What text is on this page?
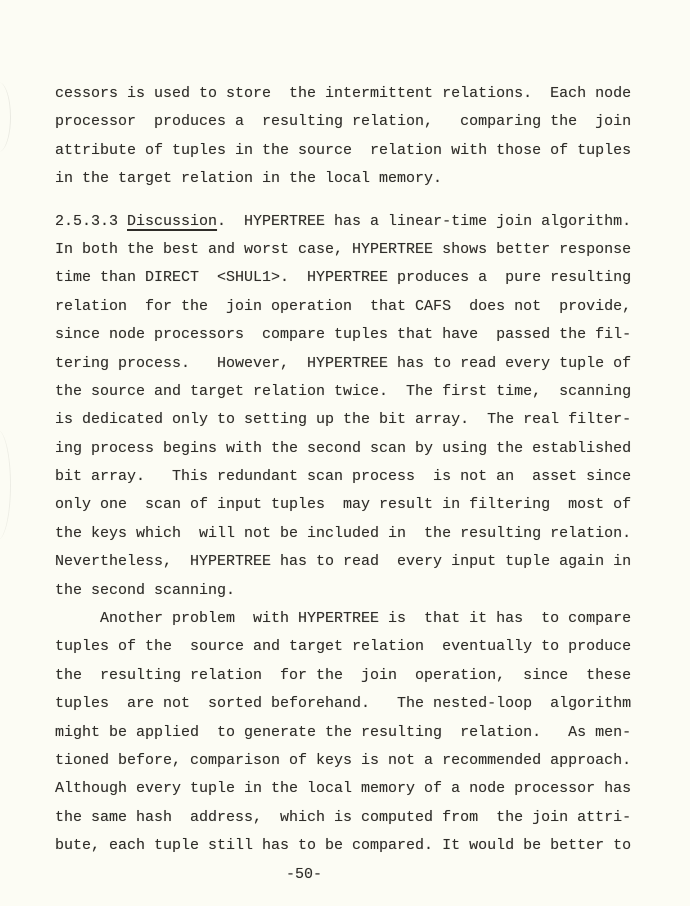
cessors is used to store  the intermittent relations.  Each node
processor  produces a  resulting relation,   comparing the  join
attribute of tuples in the source  relation with those of tuples
in the target relation in the local memory.
2.5.3.3 Discussion.  HYPERTREE has a linear-time join algorithm.
In both the best and worst case, HYPERTREE shows better response
time than DIRECT  <SHUL1>.  HYPERTREE produces a  pure resulting
relation  for the  join operation  that CAFS  does not  provide,
since node processors  compare tuples that have  passed the fil-
tering process.   However,  HYPERTREE has to read every tuple of
the source and target relation twice.  The first time,  scanning
is dedicated only to setting up the bit array.  The real filter-
ing process begins with the second scan by using the established
bit array.   This redundant scan process  is not an  asset since
only one  scan of input tuples  may result in filtering  most of
the keys which  will not be included in  the resulting relation.
Nevertheless,  HYPERTREE has to read  every input tuple again in
the second scanning.
Another problem  with HYPERTREE is  that it has  to compare
tuples of the  source and target relation  eventually to produce
the  resulting relation  for the  join  operation,  since  these
tuples  are not  sorted beforehand.   The nested-loop  algorithm
might be applied  to generate the resulting  relation.   As men-
tioned before, comparison of keys is not a recommended approach.
Although every tuple in the local memory of a node processor has
the same hash  address,  which is computed from  the join attri-
bute, each tuple still has to be compared. It would be better to
-50-
